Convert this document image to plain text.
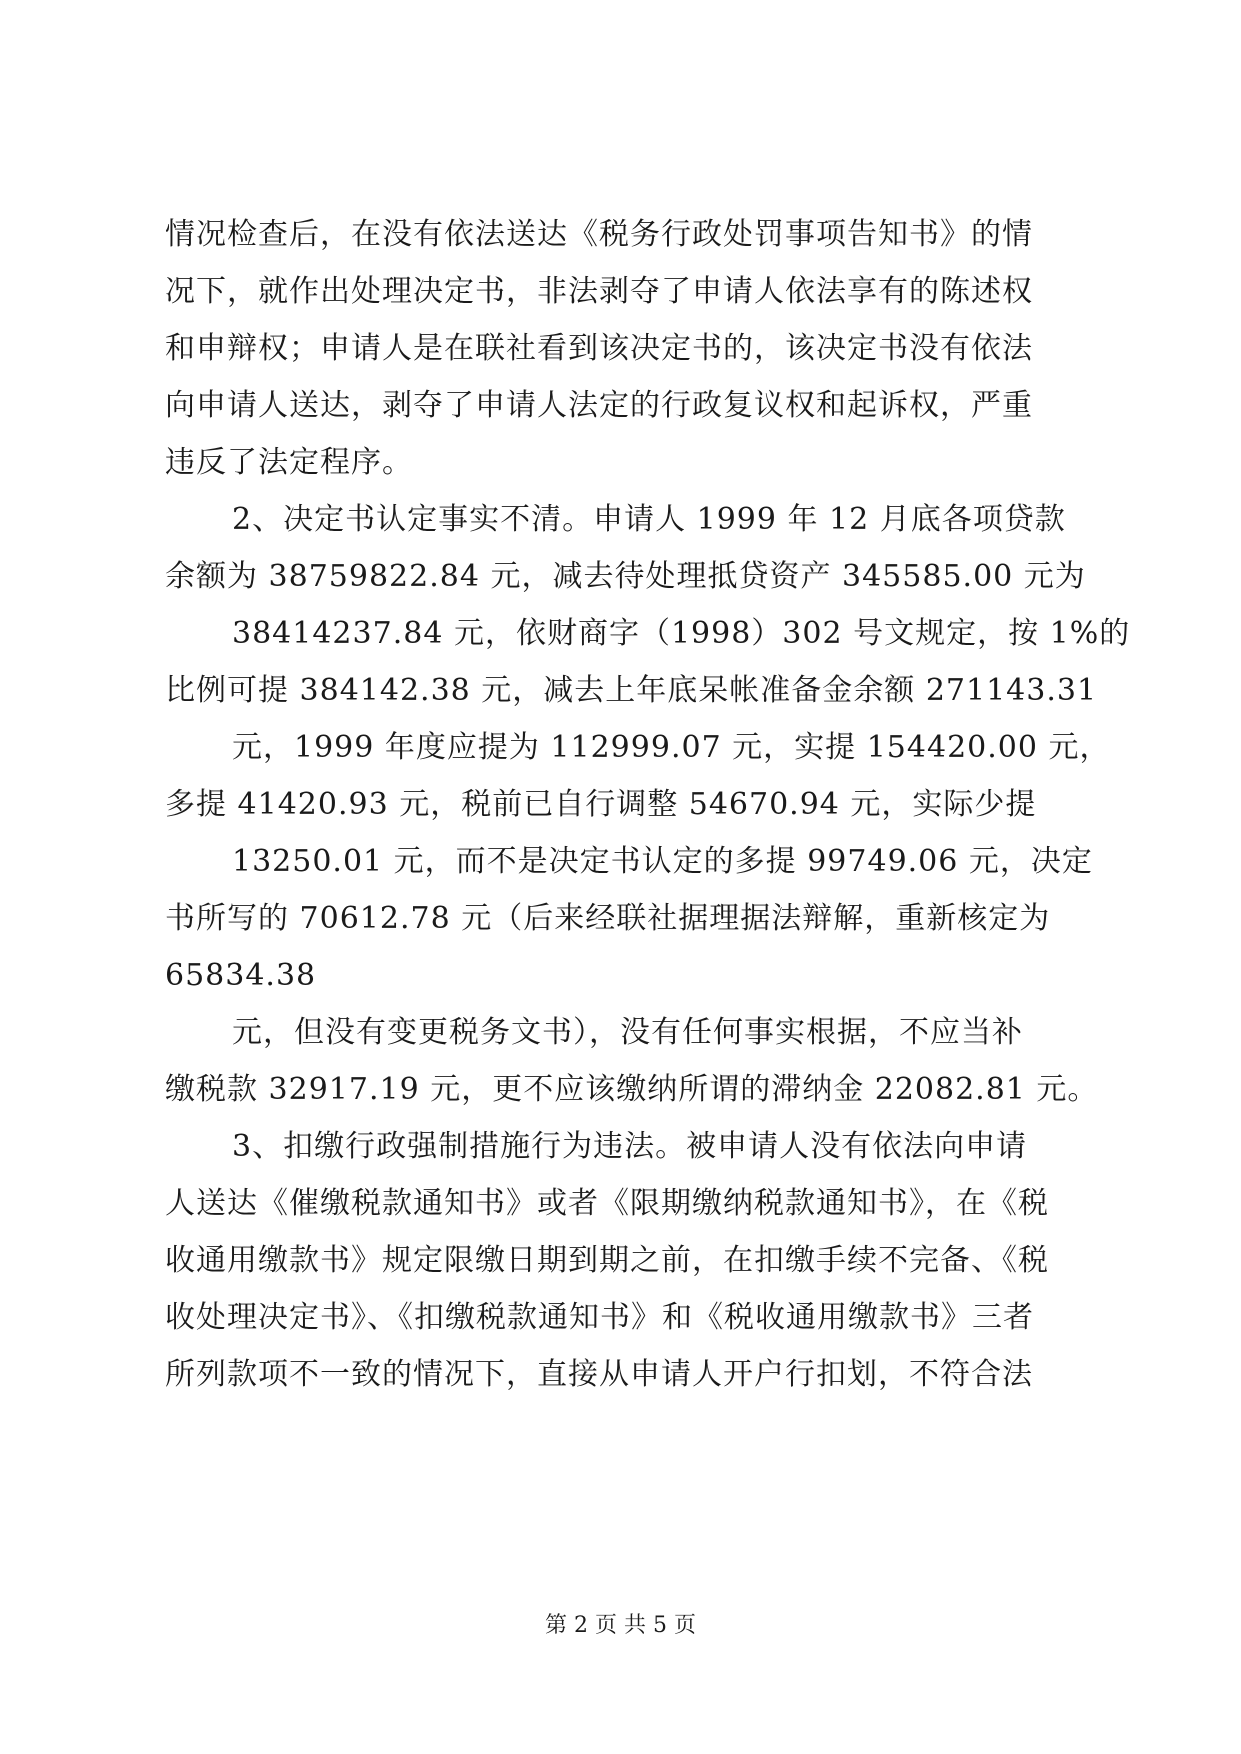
情况检查后，在没有依法送达《税务行政处罚事项告知书》的情
况下，就作出处理决定书，非法剥夺了申请人依法享有的陈述权
和申辩权；申请人是在联社看到该决定书的，该决定书没有依法
向申请人送达，剥夺了申请人法定的行政复议权和起诉权，严重
违反了法定程序。
2、决定书认定事实不清。申请人 1999 年 12 月底各项贷款
余额为 38759822.84 元，减去待处理抵贷资产 345585.00 元为
38414237.84 元，依财商字（1998）302 号文规定，按 1%的
比例可提 384142.38 元，减去上年底呆帐准备金余额 271143.31
元，1999 年度应提为 112999.07 元，实提 154420.00 元，
多提 41420.93 元，税前已自行调整 54670.94 元，实际少提
13250.01 元，而不是决定书认定的多提 99749.06 元，决定
书所写的 70612.78 元（后来经联社据理据法辩解，重新核定为
65834.38
元，但没有变更税务文书），没有任何事实根据，不应当补
缴税款 32917.19 元，更不应该缴纳所谓的滞纳金 22082.81 元。
3、扣缴行政强制措施行为违法。被申请人没有依法向申请
人送达《催缴税款通知书》或者《限期缴纳税款通知书》，在《税
收通用缴款书》规定限缴日期到期之前，在扣缴手续不完备、《税
收处理决定书》、《扣缴税款通知书》和《税收通用缴款书》三者
所列款项不一致的情况下，直接从申请人开户行扣划，不符合法
第 2 页 共 5 页
